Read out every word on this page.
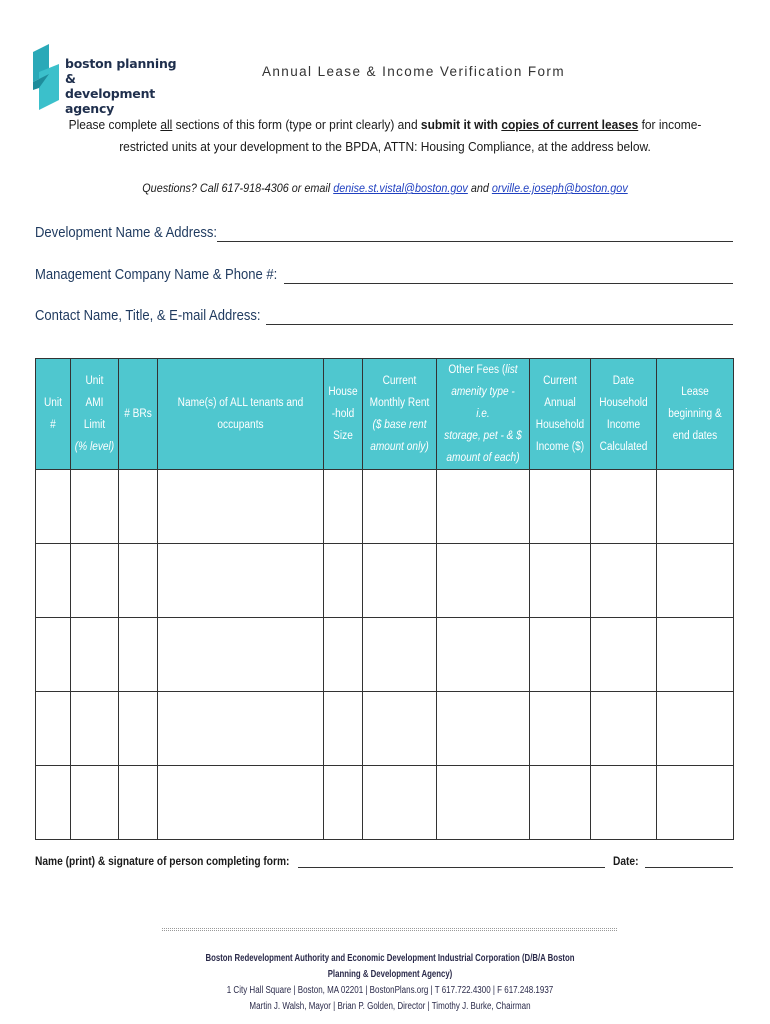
boston planning &
development agency
Annual Lease & Income Verification Form
Please complete all sections of this form (type or print clearly) and submit it with copies of current leases for income-restricted units at your development to the BPDA, ATTN: Housing Compliance, at the address below.
Questions? Call 617-918-4306 or email denise.st.vistal@boston.gov and orville.e.joseph@boston.gov
Development Name & Address:
Management Company Name & Phone #:
Contact Name, Title, & E-mail Address:
Unit
#	Unit
AMI
Limit
(% level)	# BRs	Name(s) of ALL tenants and
occupants	House
-hold
Size	Current
Monthly Rent
($ base rent
amount only)	Other Fees (list
amenity type - i.e.
storage, pet - & $
amount of each)	Current
Annual
Household
Income ($)	Date
Household
Income
Calculated	Lease
beginning &
end dates

Name (print) & signature of person completing form:	Date:
Boston Redevelopment Authority and Economic Development Industrial Corporation (D/B/A Boston Planning & Development Agency)
1 City Hall Square | Boston, MA 02201 | BostonPlans.org | T 617.722.4300 | F 617.248.1937
Martin J. Walsh, Mayor | Brian P. Golden, Director | Timothy J. Burke, Chairman
